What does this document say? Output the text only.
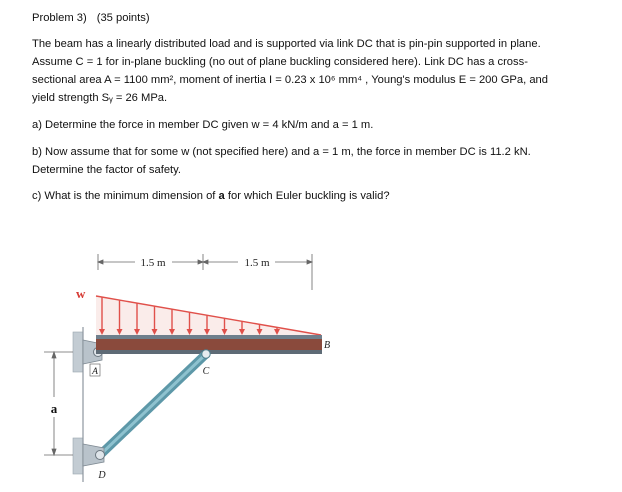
Problem 3) (35 points)
The beam has a linearly distributed load and is supported via link DC that is pin-pin supported in plane.
Assume C = 1 for in-plane buckling (no out of plane buckling considered here). Link DC has a cross-
sectional area A = 1100 mm², moment of inertia I = 0.23 x 10⁶ mm⁴ , Young's modulus E = 200 GPa, and
yield strength Sᵧ = 26 MPa.
a) Determine the force in member DC given w = 4 kN/m and a = 1 m.
b) Now assume that for some w (not specified here) and a = 1 m, the force in member DC is 11.2 kN.
Determine the factor of safety.
c) What is the minimum dimension of a for which Euler buckling is valid?
1.5 m	1.5 m
w
A
B
C
D
a
